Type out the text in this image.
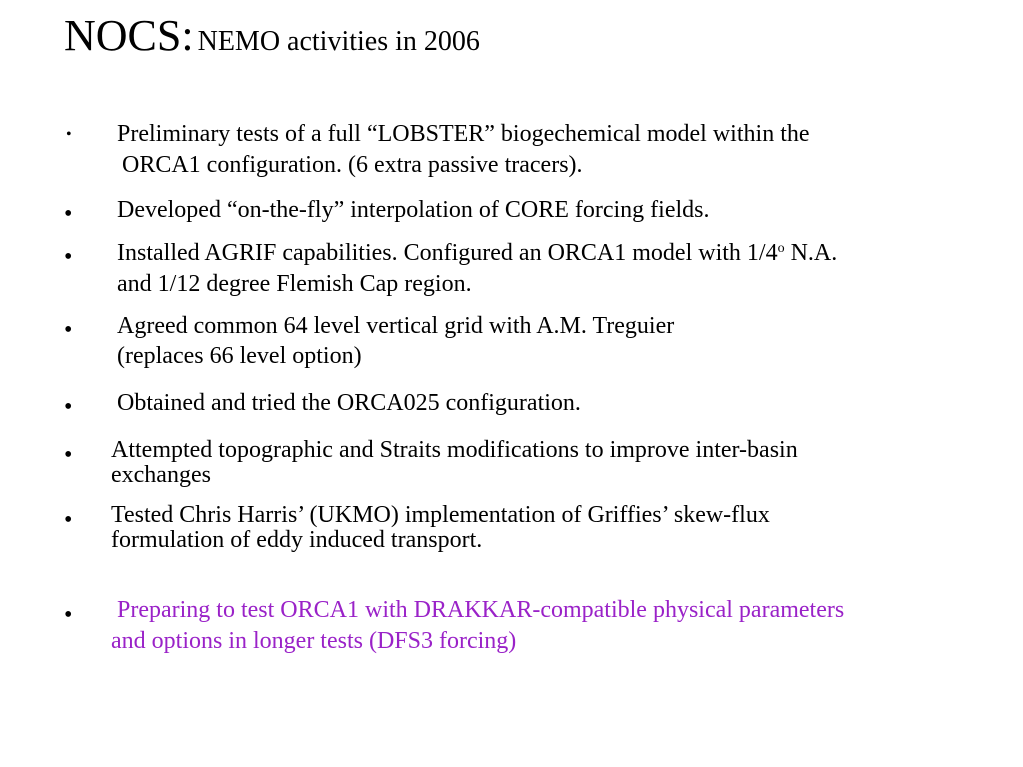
NOCS: NEMO activities in 2006
• Preliminary tests of a full “LOBSTER” biogechemical model within the
ORCA1 configuration. (6 extra passive tracers).
• Developed “on-the-fly” interpolation of CORE forcing fields.
• Installed AGRIF capabilities. Configured an ORCA1 model with 1/4$^o$ N.A.
and 1/12 degree Flemish Cap region.
• Agreed common 64 level vertical grid with A.M. Treguier
(replaces 66 level option)
• Obtained and tried the ORCA025 configuration.
• Attempted topographic and Straits modifications to improve inter-basin
exchanges
• Tested Chris Harris’ (UKMO) implementation of Griffies’ skew-flux
formulation of eddy induced transport.
• Preparing to test ORCA1 with DRAKKAR-compatible physical parameters
and options in longer tests (DFS3 forcing)
